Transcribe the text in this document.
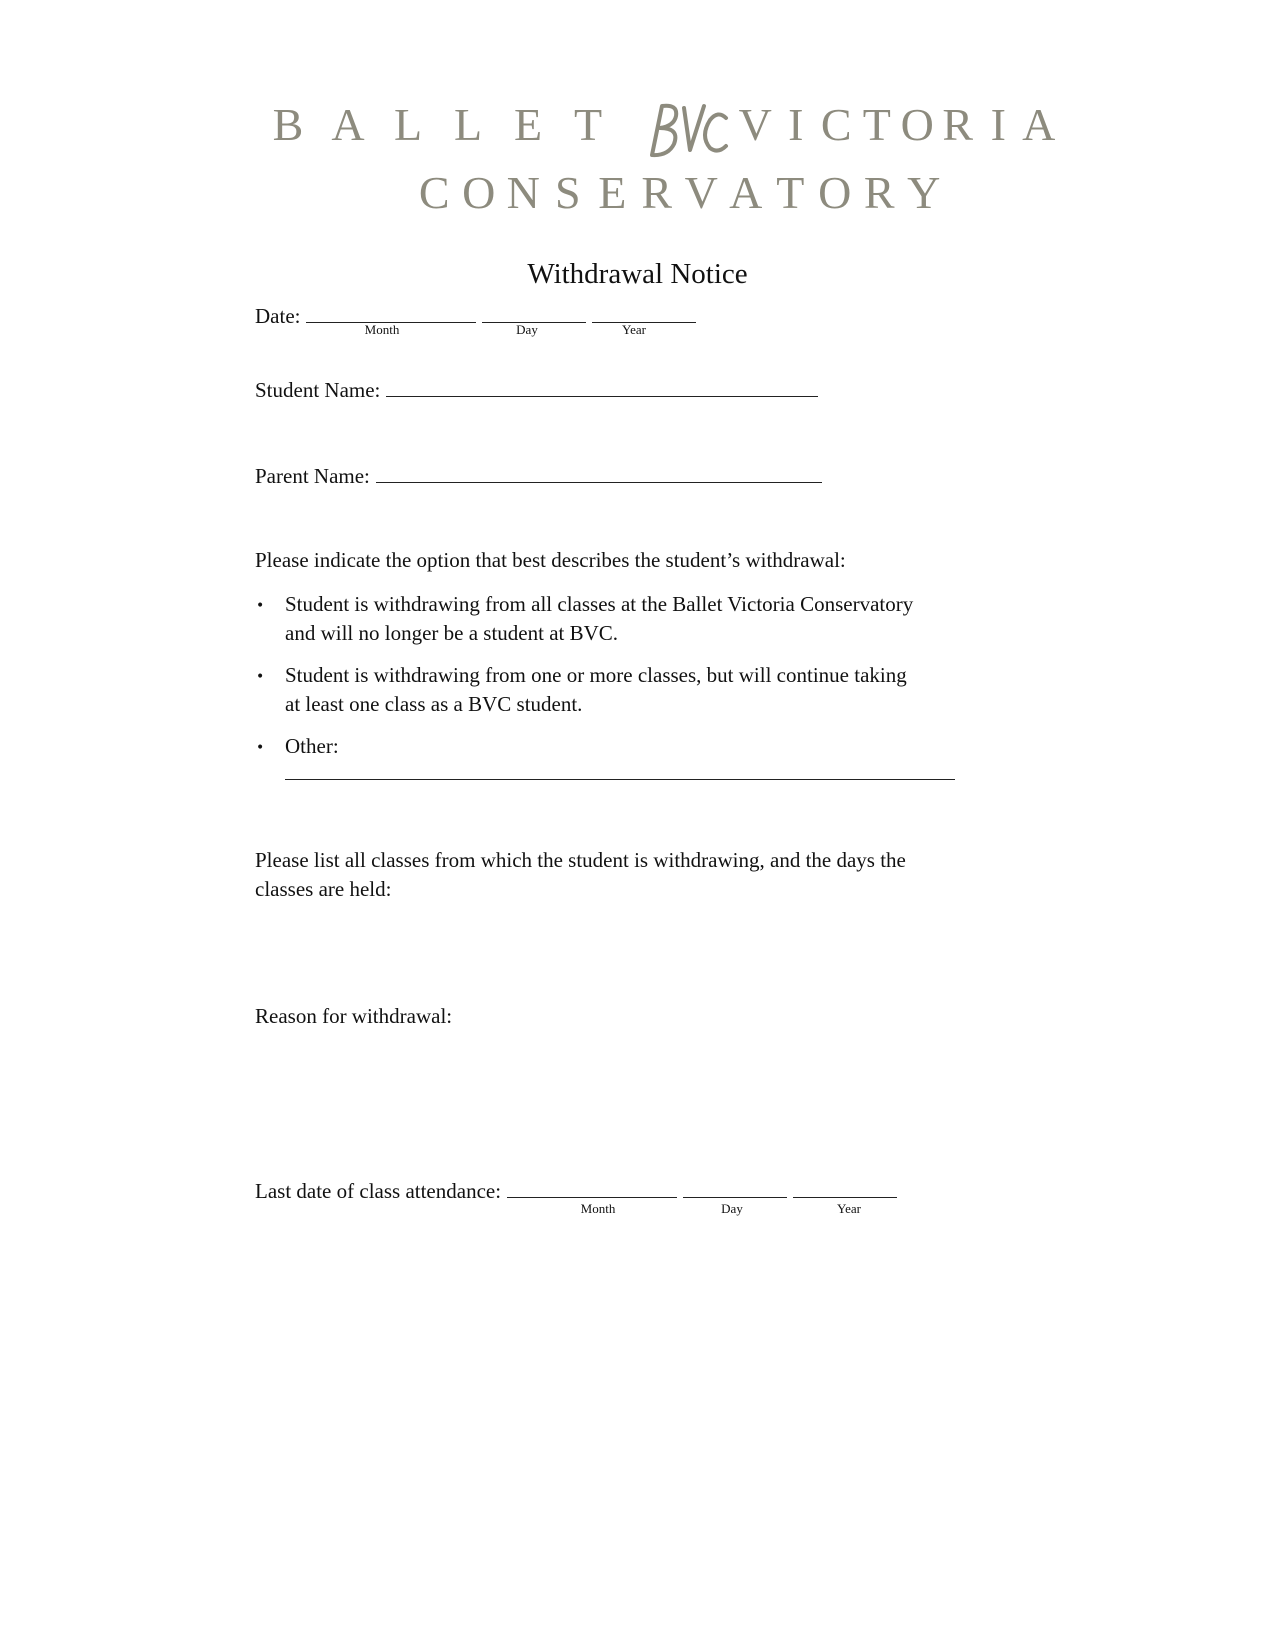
B A L L E T	V I C T O R I A
C O N S E R V A T O R Y
Withdrawal Notice
Date:
Month	Day	Year
Student Name:
Parent Name:
Please indicate the option that best describes the student’s withdrawal:
• Student is withdrawing from all classes at the Ballet Victoria Conservatory
and will no longer be a student at BVC.
• Student is withdrawing from one or more classes, but will continue taking
at least one class as a BVC student.
• Other:
Please list all classes from which the student is withdrawing, and the days the
classes are held:
Reason for withdrawal:
Last date of class attendance:
Month	Day	Year
